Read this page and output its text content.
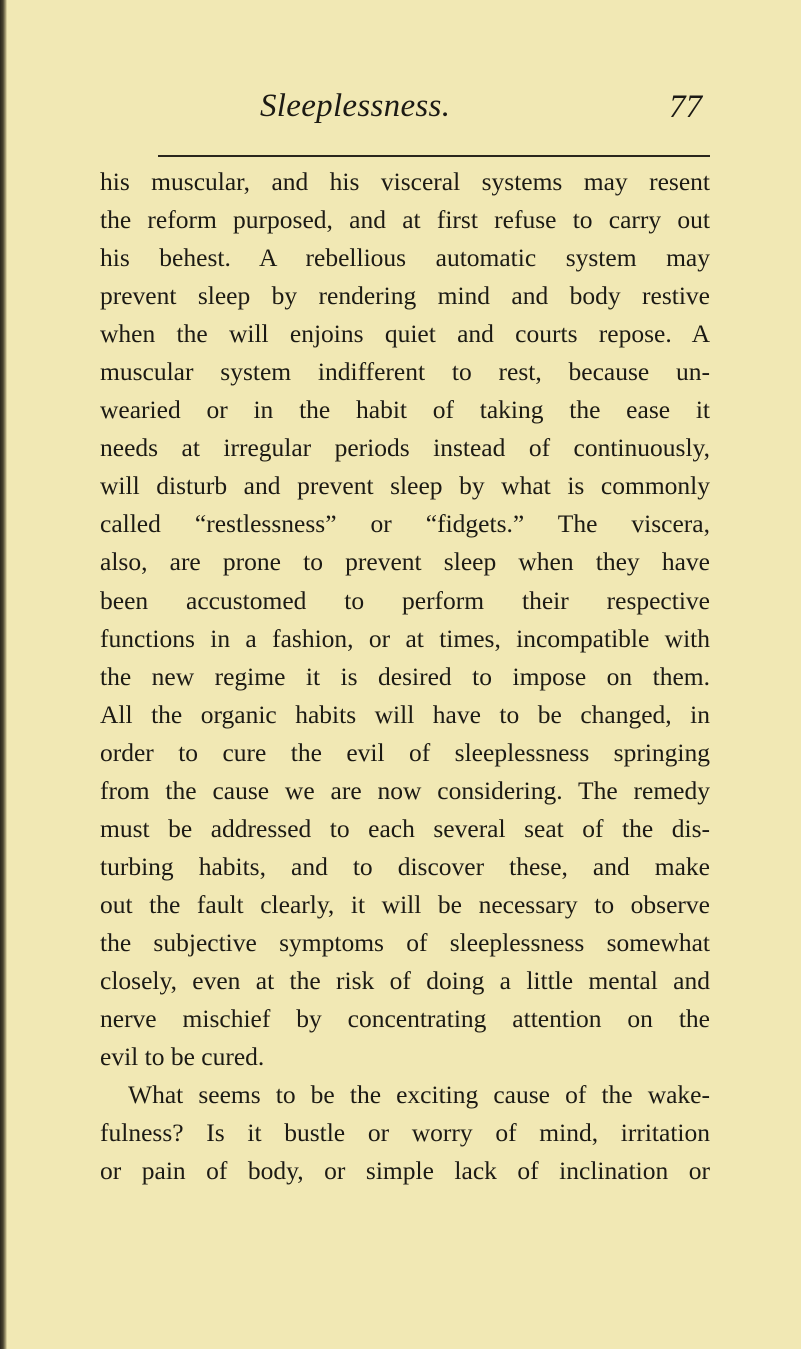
Sleeplessness.	77
his muscular, and his visceral systems may resent
the reform purposed, and at first refuse to carry out
his behest. A rebellious automatic system may
prevent sleep by rendering mind and body restive
when the will enjoins quiet and courts repose. A
muscular system indifferent to rest, because un-
wearied or in the habit of taking the ease it
needs at irregular periods instead of continuously,
will disturb and prevent sleep by what is commonly
called “restlessness” or “fidgets.” The viscera,
also, are prone to prevent sleep when they have
been accustomed to perform their respective
functions in a fashion, or at times, incompatible with
the new regime it is desired to impose on them.
All the organic habits will have to be changed, in
order to cure the evil of sleeplessness springing
from the cause we are now considering. The remedy
must be addressed to each several seat of the dis-
turbing habits, and to discover these, and make
out the fault clearly, it will be necessary to observe
the subjective symptoms of sleeplessness somewhat
closely, even at the risk of doing a little mental and
nerve mischief by concentrating attention on the
evil to be cured.
What seems to be the exciting cause of the wake-
fulness? Is it bustle or worry of mind, irritation
or pain of body, or simple lack of inclination or
